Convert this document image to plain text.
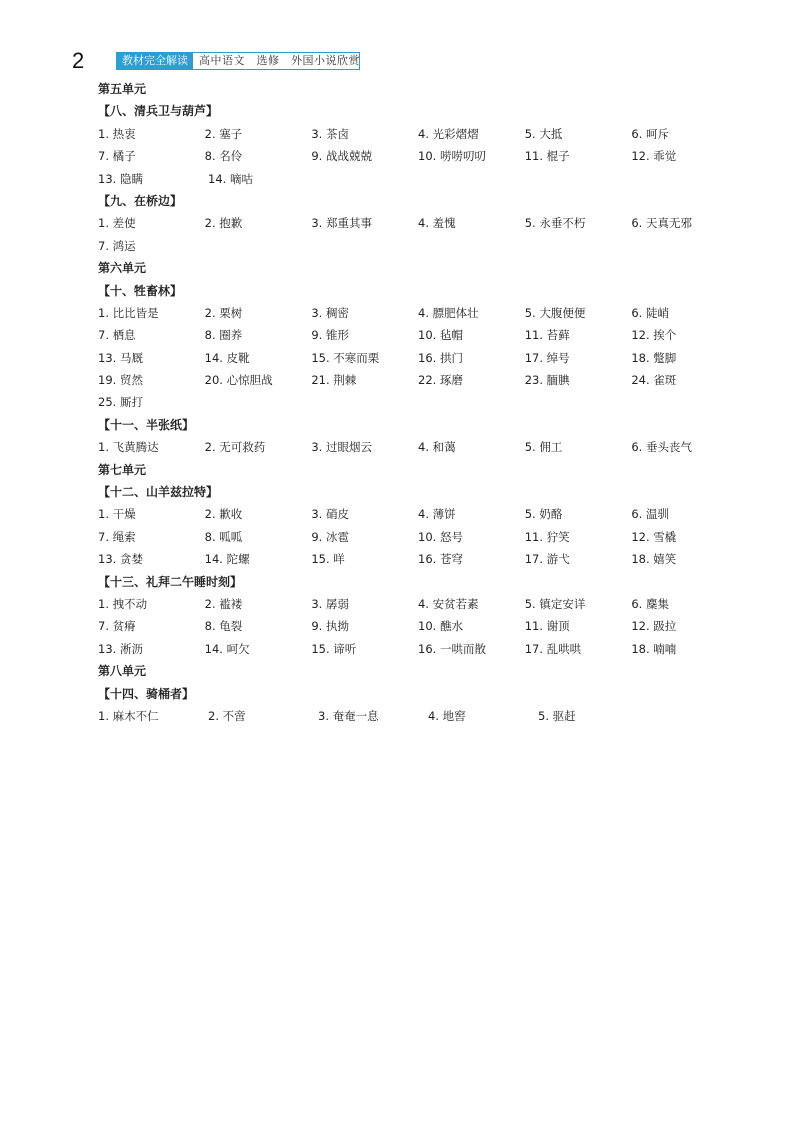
2	教材完全解读	高中语文　选修　外国小说欣赏
第五单元
【八、清兵卫与葫芦】
1. 热衷	2. 塞子	3. 茶卤	4. 光彩熠熠	5. 大抵	6. 呵斥
7. 橘子	8. 名伶	9. 战战兢兢	10. 唠唠叨叨	11. 棍子	12. 乖觉
13. 隐瞒	14. 嘀咕
【九、在桥边】
1. 差使	2. 抱歉	3. 郑重其事	4. 羞愧	5. 永垂不朽	6. 天真无邪
7. 鸿运
第六单元
【十、牲畜林】
1. 比比皆是	2. 栗树	3. 稠密	4. 膘肥体壮	5. 大腹便便	6. 陡峭
7. 栖息	8. 圈养	9. 锥形	10. 毡帽	11. 苔藓	12. 挨个
13. 马厩	14. 皮靴	15. 不寒而栗	16. 拱门	17. 绰号	18. 蹩脚
19. 贸然	20. 心惊胆战	21. 荆棘	22. 琢磨	23. 腼腆	24. 雀斑
25. 厮打
【十一、半张纸】
1. 飞黄腾达	2. 无可救药	3. 过眼烟云	4. 和蔼	5. 佣工	6. 垂头丧气
第七单元
【十二、山羊兹拉特】
1. 干燥	2. 歉收	3. 硝皮	4. 薄饼	5. 奶酪	6. 温驯
7. 绳索	8. 呱呱	9. 冰雹	10. 怒号	11. 狞笑	12. 雪橇
13. 贪婪	14. 陀螺	15. 咩	16. 苍穹	17. 游弋	18. 嬉笑
【十三、礼拜二午睡时刻】
1. 拽不动	2. 褴褛	3. 孱弱	4. 安贫若素	5. 镇定安详	6. 麇集
7. 贫瘠	8. 龟裂	9. 执拗	10. 醮水	11. 谢顶	12. 趿拉
13. 淅沥	14. 呵欠	15. 谛听	16. 一哄而散	17. 乱哄哄	18. 喃喃
第八单元
【十四、骑桶者】
1. 麻木不仁	2. 不啻	3. 奄奄一息	4. 地窖	5. 驱赶
